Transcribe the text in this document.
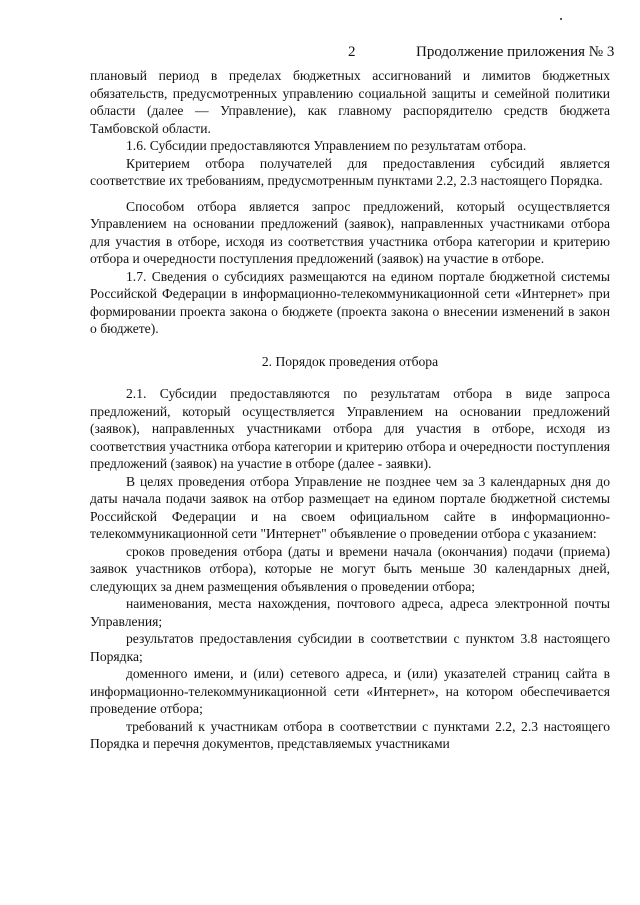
2	Продолжение приложения № 3

плановый период в пределах бюджетных ассигнований и лимитов бюджетных обязательств, предусмотренных управлению социальной защиты и семейной политики области (далее — Управление), как главному распорядителю средств бюджета Тамбовской области.

1.6. Субсидии предоставляются Управлением по результатам отбора.

Критерием отбора получателей для предоставления субсидий является соответствие их требованиям, предусмотренным пунктами 2.2, 2.3 настоящего Порядка.

Способом отбора является запрос предложений, который осуществляется Управлением на основании предложений (заявок), направленных участниками отбора для участия в отборе, исходя из соответствия участника отбора категории и критерию отбора и очередности поступления предложений (заявок) на участие в отборе.

1.7. Сведения о субсидиях размещаются на едином портале бюджетной системы Российской Федерации в информационно-телекоммуникационной сети «Интернет» при формировании проекта закона о бюджете (проекта закона о внесении изменений в закон о бюджете).

2. Порядок проведения отбора

2.1. Субсидии предоставляются по результатам отбора в виде запроса предложений, который осуществляется Управлением на основании предложений (заявок), направленных участниками отбора для участия в отборе, исходя из соответствия участника отбора категории и критерию отбора и очередности поступления предложений (заявок) на участие в отборе (далее - заявки).

В целях проведения отбора Управление не позднее чем за 3 календарных дня до даты начала подачи заявок на отбор размещает на едином портале бюджетной системы Российской Федерации и на своем официальном сайте в информационно-телекоммуникационной сети "Интернет" объявление о проведении отбора с указанием:

сроков проведения отбора (даты и времени начала (окончания) подачи (приема) заявок участников отбора), которые не могут быть меньше 30 календарных дней, следующих за днем размещения объявления о проведении отбора;

наименования, места нахождения, почтового адреса, адреса электронной почты Управления;

результатов предоставления субсидии в соответствии с пунктом 3.8 настоящего Порядка;

доменного имени, и (или) сетевого адреса, и (или) указателей страниц сайта в информационно-телекоммуникационной сети «Интернет», на котором обеспечивается проведение отбора;

требований к участникам отбора в соответствии с пунктами 2.2, 2.3 настоящего Порядка и перечня документов, представляемых участниками
